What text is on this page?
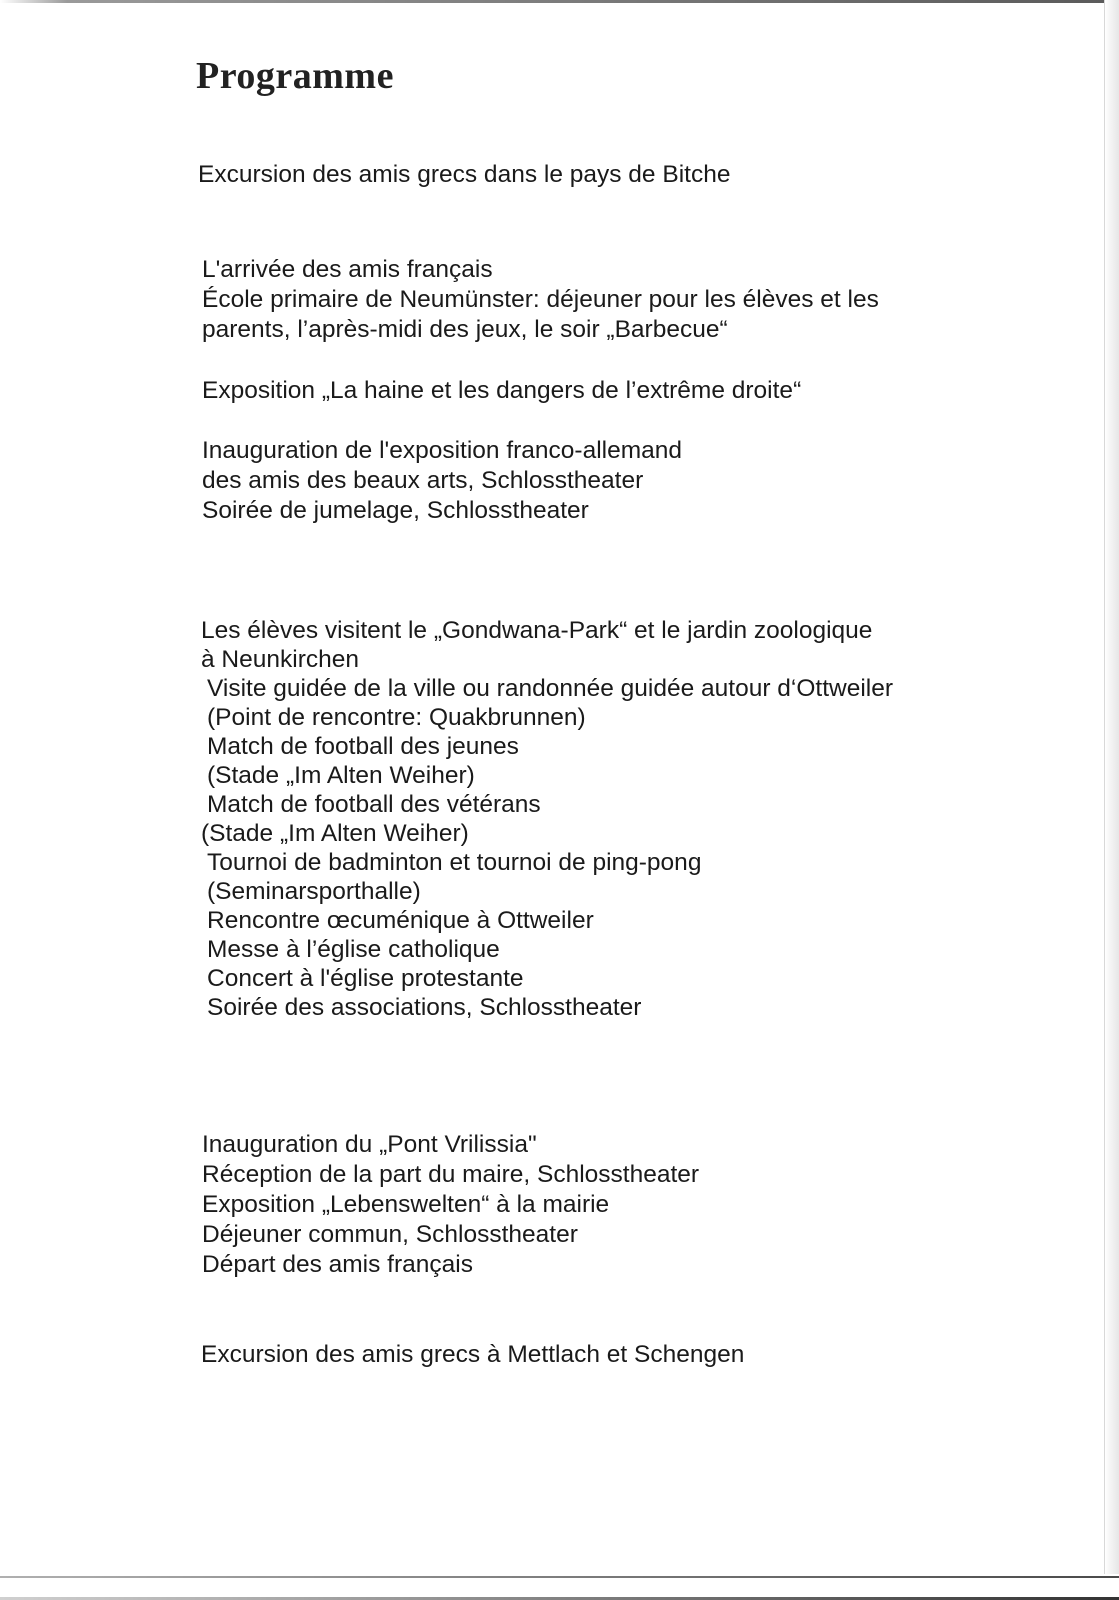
Programme
Excursion des amis grecs dans le pays de Bitche
L'arrivée des amis français
École primaire de Neumünster: déjeuner pour les élèves et les
parents, l’après-midi des jeux, le soir „Barbecue“
Exposition „La haine et les dangers de l’extrême droite“
Inauguration de l'exposition franco-allemand
des amis des beaux arts, Schlosstheater
Soirée de jumelage, Schlosstheater
Les élèves visitent le „Gondwana-Park“ et le jardin zoologique
à Neunkirchen
Visite guidée de la ville ou randonnée guidée autour d‘Ottweiler
(Point de rencontre: Quakbrunnen)
Match de football des jeunes
(Stade „Im Alten Weiher)
Match de football des vétérans
(Stade „Im Alten Weiher)
Tournoi de badminton et tournoi de ping-pong
(Seminarsporthalle)
Rencontre œcuménique à Ottweiler
Messe à l’église catholique
Concert à l'église protestante
Soirée des associations, Schlosstheater
Inauguration du „Pont Vrilissia"
Réception de la part du maire, Schlosstheater
Exposition „Lebenswelten“ à la mairie
Déjeuner commun, Schlosstheater
Départ des amis français
Excursion des amis grecs à Mettlach et Schengen
